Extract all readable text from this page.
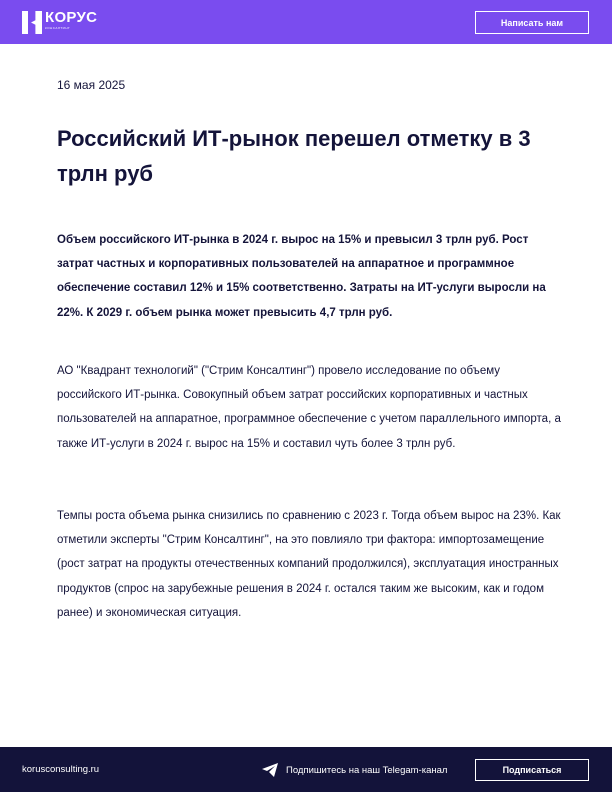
КОРУС
КОНСАЛТИНГ
Написать нам
16 мая 2025
Российский ИТ-рынок перешел отметку в 3 трлн руб

Объем российского ИТ-рынка в 2024 г. вырос на 15% и превысил 3 трлн руб. Рост затрат частных и корпоративных пользователей на аппаратное и программное обеспечение составил 12% и 15% соответственно. Затраты на ИТ-услуги выросли на 22%. К 2029 г. объем рынка может превысить 4,7 трлн руб.

АО "Квадрант технологий" ("Стрим Консалтинг") провело исследование по объему российского ИТ-рынка. Совокупный объем затрат российских корпоративных и частных пользователей на аппаратное, программное обеспечение с учетом параллельного импорта, а также ИТ-услуги в 2024 г. вырос на 15% и составил чуть более 3 трлн руб.

Темпы роста объема рынка снизились по сравнению с 2023 г. Тогда объем вырос на 23%. Как отметили эксперты "Стрим Консалтинг", на это повлияло три фактора: импортозамещение (рост затрат на продукты отечественных компаний продолжился), эксплуатация иностранных продуктов (спрос на зарубежные решения в 2024 г. остался таким же высоким, как и годом ранее) и экономическая ситуация.

korusconsulting.ru	Подпишитесь на наш Telegam-канал	Подписаться
